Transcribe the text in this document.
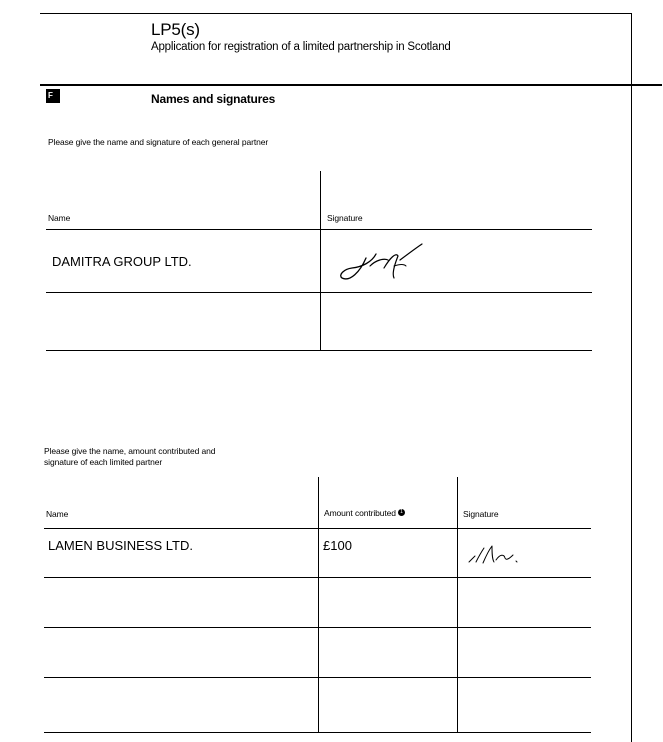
LP5(s)
Application for registration of a limited partnership in Scotland
F	Names and signatures
Please give the name and signature of each general partner
Name	Signature
DAMITRA GROUP LTD.
Please give the name, amount contributed and
signature of each limited partner
Name	Amount contributed 1	Signature
LAMEN BUSINESS LTD.	£100
